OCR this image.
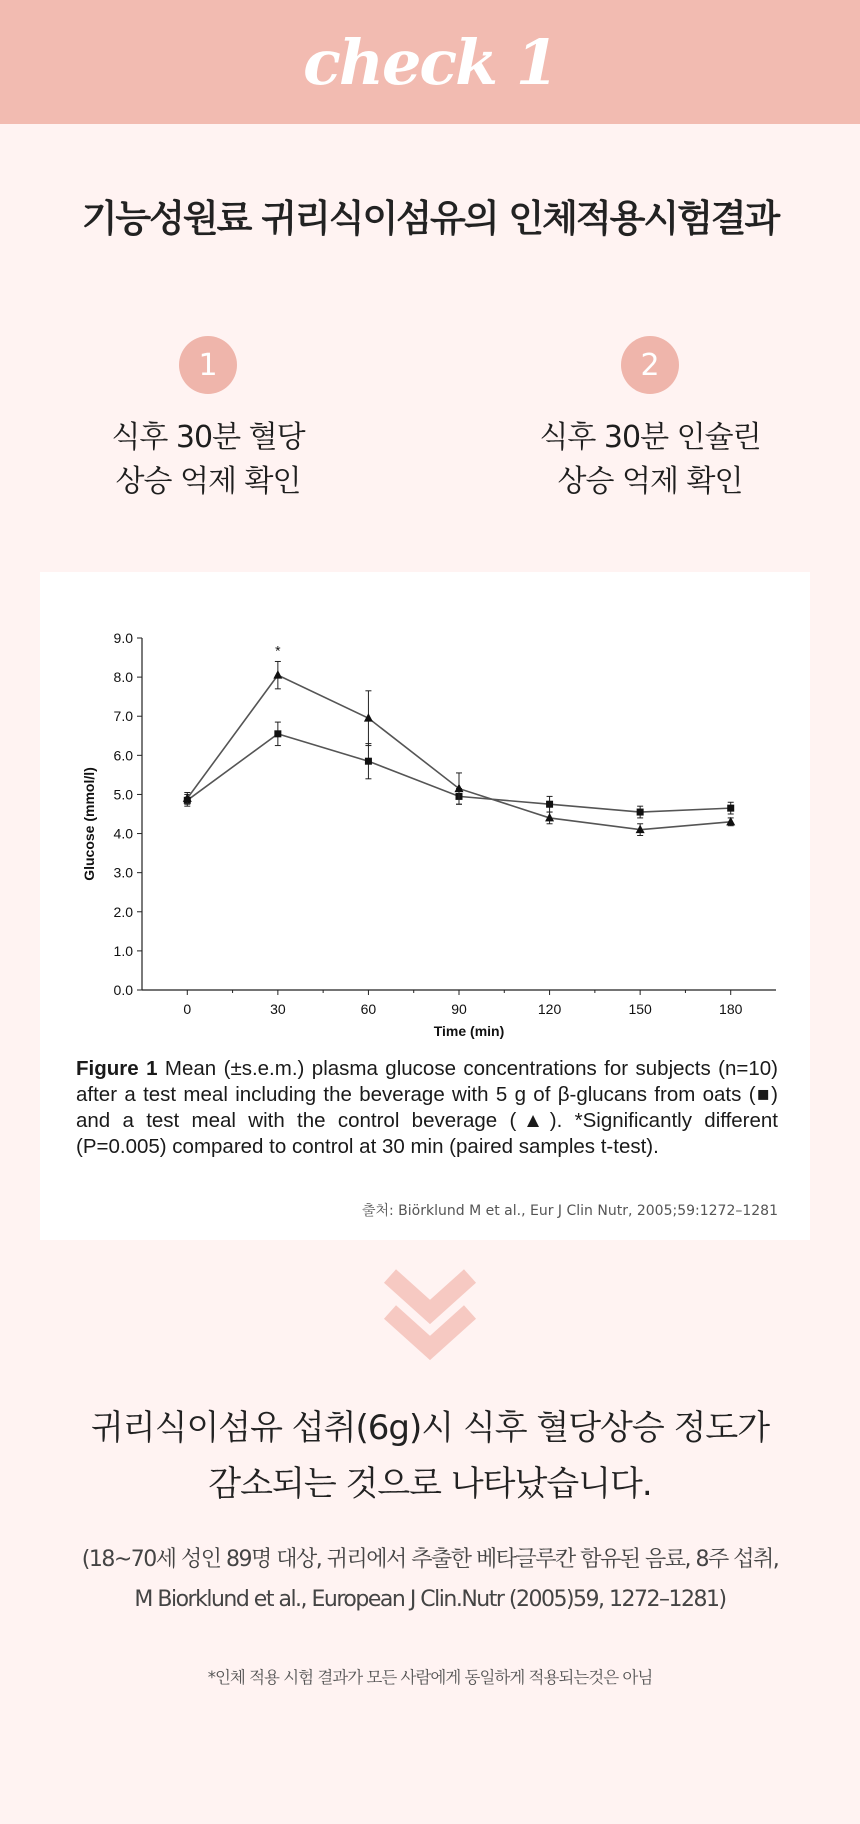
check 1
기능성원료 귀리식이섬유의 인체적용시험결과
1
식후 30분 혈당
상승 억제 확인
2
식후 30분 인슐린
상승 억제 확인
0.0
1.0
2.0
3.0
4.0
5.0
6.0
7.0
8.0
9.0
0	30	60	90	120	150	180
Time (min)
Glucose (mmol/l)
*
Figure 1 Mean (±s.e.m.) plasma glucose concentrations for subjects (n=10) after a test meal including the beverage with 5 g of β-glucans from oats (■) and a test meal with the control beverage (▲). *Significantly different (P=0.005) compared to control at 30 min (paired samples t-test).
출처: Biörklund M et al., Eur J Clin Nutr, 2005;59:1272–1281
귀리식이섬유 섭취(6g)시 식후 혈당상승 정도가
감소되는 것으로 나타났습니다.
(18~70세 성인 89명 대상, 귀리에서 추출한 베타글루칸 함유된 음료, 8주 섭취,
M Biorklund et al., European J Clin.Nutr (2005)59, 1272–1281)
*인체 적용 시험 결과가 모든 사람에게 동일하게 적용되는것은 아님
